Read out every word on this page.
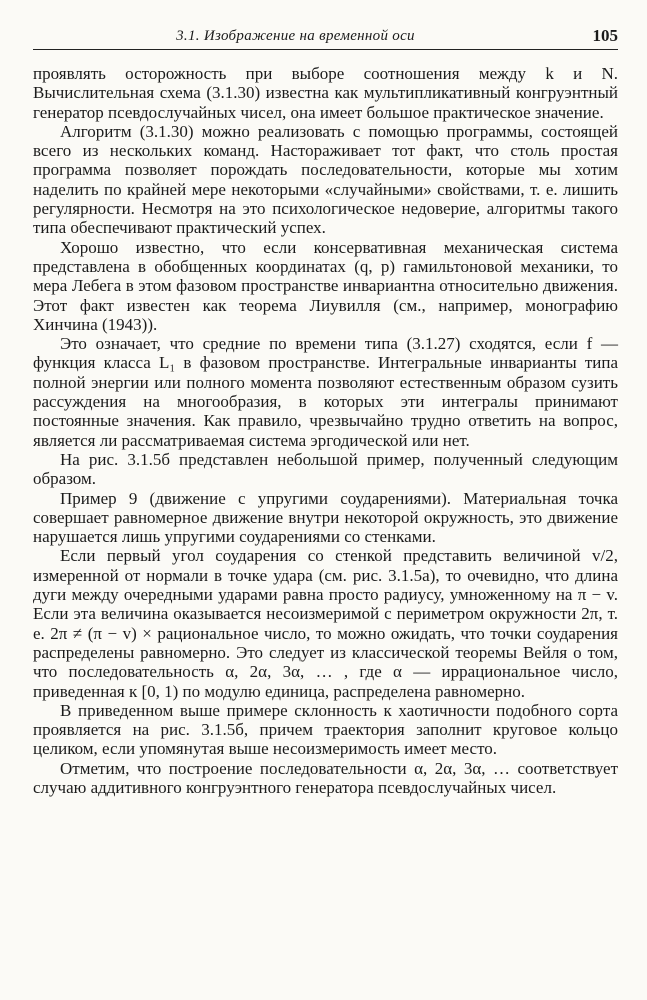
3.1. Изображение на временной оси	105

проявлять осторожность при выборе соотношения между k и N. Вычислительная схема (3.1.30) известна как мультипликативный конгруэнтный генератор псевдослучайных чисел, она имеет большое практическое значение.

Алгоритм (3.1.30) можно реализовать с помощью программы, состоящей всего из нескольких команд. Настораживает тот факт, что столь простая программа позволяет порождать последовательности, которые мы хотим наделить по крайней мере некоторыми «случайными» свойствами, т. е. лишить регулярности. Несмотря на это психологическое недоверие, алгоритмы такого типа обеспечивают практический успех.

Хорошо известно, что если консервативная механическая система представлена в обобщенных координатах (q, p) гамильтоновой механики, то мера Лебега в этом фазовом пространстве инвариантна относительно движения. Этот факт известен как теорема Лиувилля (см., например, монографию Хинчина (1943)).

Это означает, что средние по времени типа (3.1.27) сходятся, если f — функция класса L₁ в фазовом пространстве. Интегральные инварианты типа полной энергии или полного момента позволяют естественным образом сузить рассуждения на многообразия, в которых эти интегралы принимают постоянные значения. Как правило, чрезвычайно трудно ответить на вопрос, является ли рассматриваемая система эргодической или нет.

На рис. 3.1.5б представлен небольшой пример, полученный следующим образом.

Пример 9 (движение с упругими соударениями). Материальная точка совершает равномерное движение внутри некоторой окружность, это движение нарушается лишь упругими соударениями со стенками.

Если первый угол соударения со стенкой представить величиной v/2, измеренной от нормали в точке удара (см. рис. 3.1.5а), то очевидно, что длина дуги между очередными ударами равна просто радиусу, умноженному на π − v. Если эта величина оказывается несоизмеримой с периметром окружности 2π, т. е. 2π ≠ (π − v) × рациональное число, то можно ожидать, что точки соударения распределены равномерно. Это следует из классической теоремы Вейля о том, что последовательность α, 2α, 3α, … , где α — иррациональное число, приведенная к [0, 1) по модулю единица, распределена равномерно.

В приведенном выше примере склонность к хаотичности подобного сорта проявляется на рис. 3.1.5б, причем траектория заполнит круговое кольцо целиком, если упомянутая выше несоизмеримость имеет место.

Отметим, что построение последовательности α, 2α, 3α, … соответствует случаю аддитивного конгруэнтного генератора псевдослучайных чисел.
